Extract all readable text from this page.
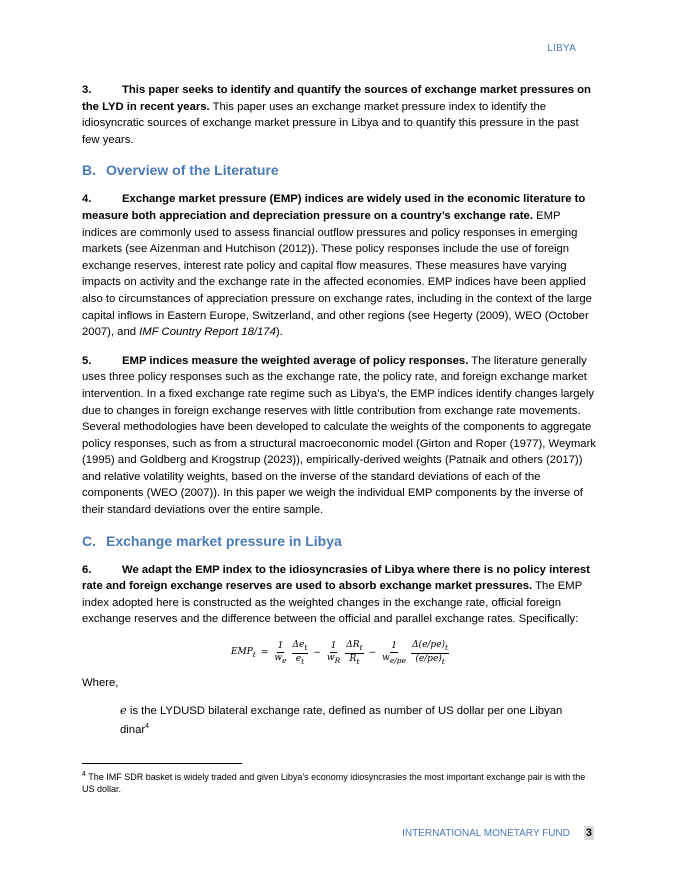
LIBYA

3.	This paper seeks to identify and quantify the sources of exchange market pressures on the LYD in recent years. This paper uses an exchange market pressure index to identify the idiosyncratic sources of exchange market pressure in Libya and to quantify this pressure in the past few years.

B. Overview of the Literature

4.	Exchange market pressure (EMP) indices are widely used in the economic literature to measure both appreciation and depreciation pressure on a country’s exchange rate. EMP indices are commonly used to assess financial outflow pressures and policy responses in emerging markets (see Aizenman and Hutchison (2012)). These policy responses include the use of foreign exchange reserves, interest rate policy and capital flow measures. These measures have varying impacts on activity and the exchange rate in the affected economies. EMP indices have been applied also to circumstances of appreciation pressure on exchange rates, including in the context of the large capital inflows in Eastern Europe, Switzerland, and other regions (see Hegerty (2009), WEO (October 2007), and IMF Country Report 18/174).

5.	EMP indices measure the weighted average of policy responses. The literature generally uses three policy responses such as the exchange rate, the policy rate, and foreign exchange market intervention. In a fixed exchange rate regime such as Libya’s, the EMP indices identify changes largely due to changes in foreign exchange reserves with little contribution from exchange rate movements. Several methodologies have been developed to calculate the weights of the components to aggregate policy responses, such as from a structural macroeconomic model (Girton and Roper (1977), Weymark (1995) and Goldberg and Krogstrup (2023)), empirically-derived weights (Patnaik and others (2017)) and relative volatility weights, based on the inverse of the standard deviations of each of the components (WEO (2007)). In this paper we weigh the individual EMP components by the inverse of their standard deviations over the entire sample.

C. Exchange market pressure in Libya

6.	We adapt the EMP index to the idiosyncrasies of Libya where there is no policy interest rate and foreign exchange reserves are used to absorb exchange market pressures. The EMP index adopted here is constructed as the weighted changes in the exchange rate, official foreign exchange reserves and the difference between the official and parallel exchange rates. Specifically:

$EMP_t = \frac{1}{w_e} \frac{\Delta e_t}{e_t} - \frac{1}{w_R} \frac{\Delta R_t}{R_t} - \frac{1}{w_{e/pe}} \frac{\Delta(e/pe)_t}{(e/pe)_t}$
Where,
e is the LYDUSD bilateral exchange rate, defined as number of US dollar per one Libyan dinar$^4$
$^4$ The IMF SDR basket is widely traded and given Libya’s economy idiosyncrasies the most important exchange pair is with the US dollar.
INTERNATIONAL MONETARY FUND 3
